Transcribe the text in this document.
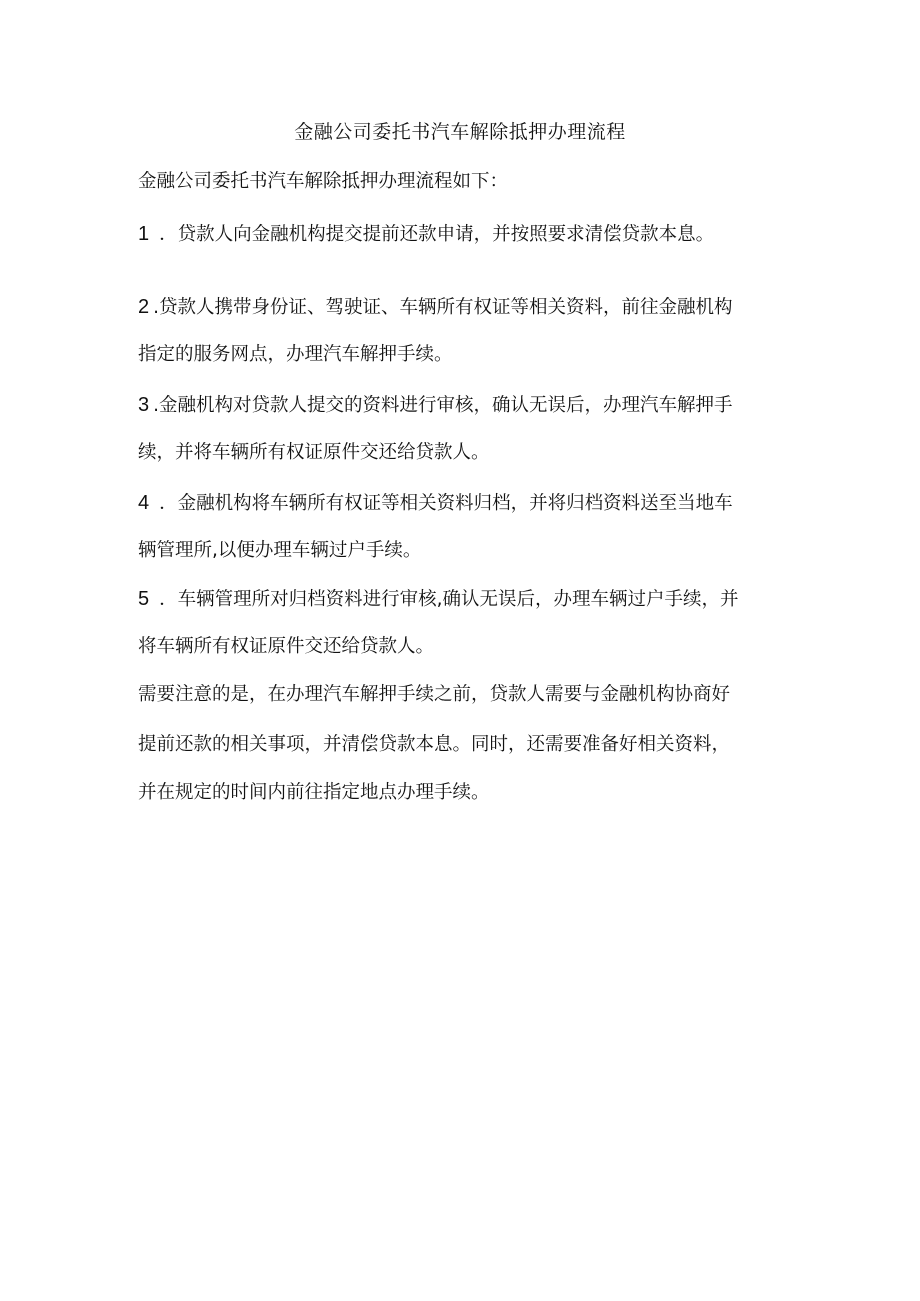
金融公司委托书汽车解除抵押办理流程
金融公司委托书汽车解除抵押办理流程如下：
1 ．贷款人向金融机构提交提前还款申请，并按照要求清偿贷款本息。
2 .贷款人携带身份证、驾驶证、车辆所有权证等相关资料，前往金融机构
指定的服务网点，办理汽车解押手续。
3 .金融机构对贷款人提交的资料进行审核，确认无误后，办理汽车解押手
续，并将车辆所有权证原件交还给贷款人。
4 ．金融机构将车辆所有权证等相关资料归档，并将归档资料送至当地车
辆管理所,以便办理车辆过户手续。
5 ．车辆管理所对归档资料进行审核,确认无误后，办理车辆过户手续，并
将车辆所有权证原件交还给贷款人。
需要注意的是，在办理汽车解押手续之前，贷款人需要与金融机构协商好
提前还款的相关事项，并清偿贷款本息。同时，还需要准备好相关资料，
并在规定的时间内前往指定地点办理手续。
